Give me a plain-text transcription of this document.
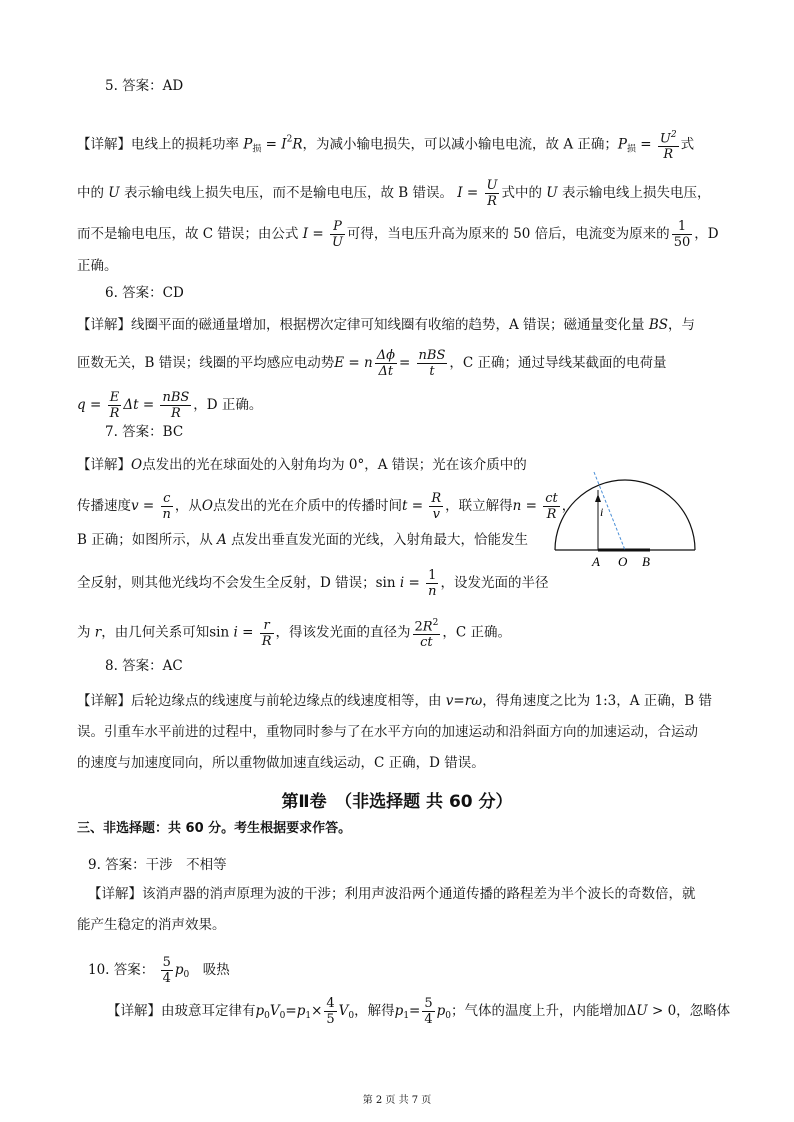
5. 答案：AD
【详解】电线上的损耗功率 $P_损 = I^2R$，为减小输电损失，可以减小输电电流，故 A 正确；$P_损 = \frac{U^2}{R}$ 式
中的 U 表示输电线上损失电压，而不是输电电压，故 B 错误。 $I = \frac{U}{R}$ 式中的 U 表示输电线上损失电压，
而不是输电电压，故 C 错误；由公式 $I = \frac{P}{U}$ 可得，当电压升高为原来的 50 倍后，电流变为原来的 $\frac{1}{50}$ ，D
正确。
6. 答案：CD
【详解】线圈平面的磁通量增加，根据楞次定律可知线圈有收缩的趋势，A 错误；磁通量变化量 BS，与
匝数无关，B 错误；线圈的平均感应电动势E = n $\frac{\Delta\phi}{\Delta t} = \frac{\text{nBS}}{t}$ ，C 正确；通过导线某截面的电荷量
$q = \frac{E}{R}$ $\Delta t = \frac{\text{nBS}}{R}$ ，D 正确。
7. 答案：BC
【详解】O点发出的光在球面处的入射角均为 0°，A 错误；光在该介质中的
传播速度$v = \frac{c}{n}$ ，从O点发出的光在介质中的传播时间$t = \frac{R}{v}$ ，联立解得$n = \frac{ct}{R}$ ，
B 正确；如图所示，从 A 点发出垂直发光面的光线，入射角最大，恰能发生
全反射，则其他光线均不会发生全反射，D 错误；$\sin i = \frac{1}{n}$ ，设发光面的半径
为 r，由几何关系可知$\sin i = \frac{r}{R}$ ，得该发光面的直径为 $\frac{2R^2}{ct}$ ，C 正确。
i
A O B
8. 答案：AC
【详解】后轮边缘点的线速度与前轮边缘点的线速度相等，由 v=rω，得角速度之比为 1:3，A 正确，B 错
误。引重车水平前进的过程中，重物同时参与了在水平方向的加速运动和沿斜面方向的加速运动，合运动
的速度与加速度同向，所以重物做加速直线运动，C 正确，D 错误。
第Ⅱ卷　（非选择题 共 60 分）
三、非选择题：共 60 分。考生根据要求作答。
9. 答案：干涉　不相等
【详解】该消声器的消声原理为波的干涉；利用声波沿两个通道传播的路程差为半个波长的奇数倍，就
能产生稳定的消声效果。
10. 答案： $\frac{5}{4} p_0$　 吸热
【详解】由玻意耳定律有$p_0V_0=p_1\times \frac{4}{5} V_0$，解得$p_1= \frac{5}{4} p_0$；气体的温度上升，内能增加ΔU > 0，忽略体
第 2 页 共 7 页
